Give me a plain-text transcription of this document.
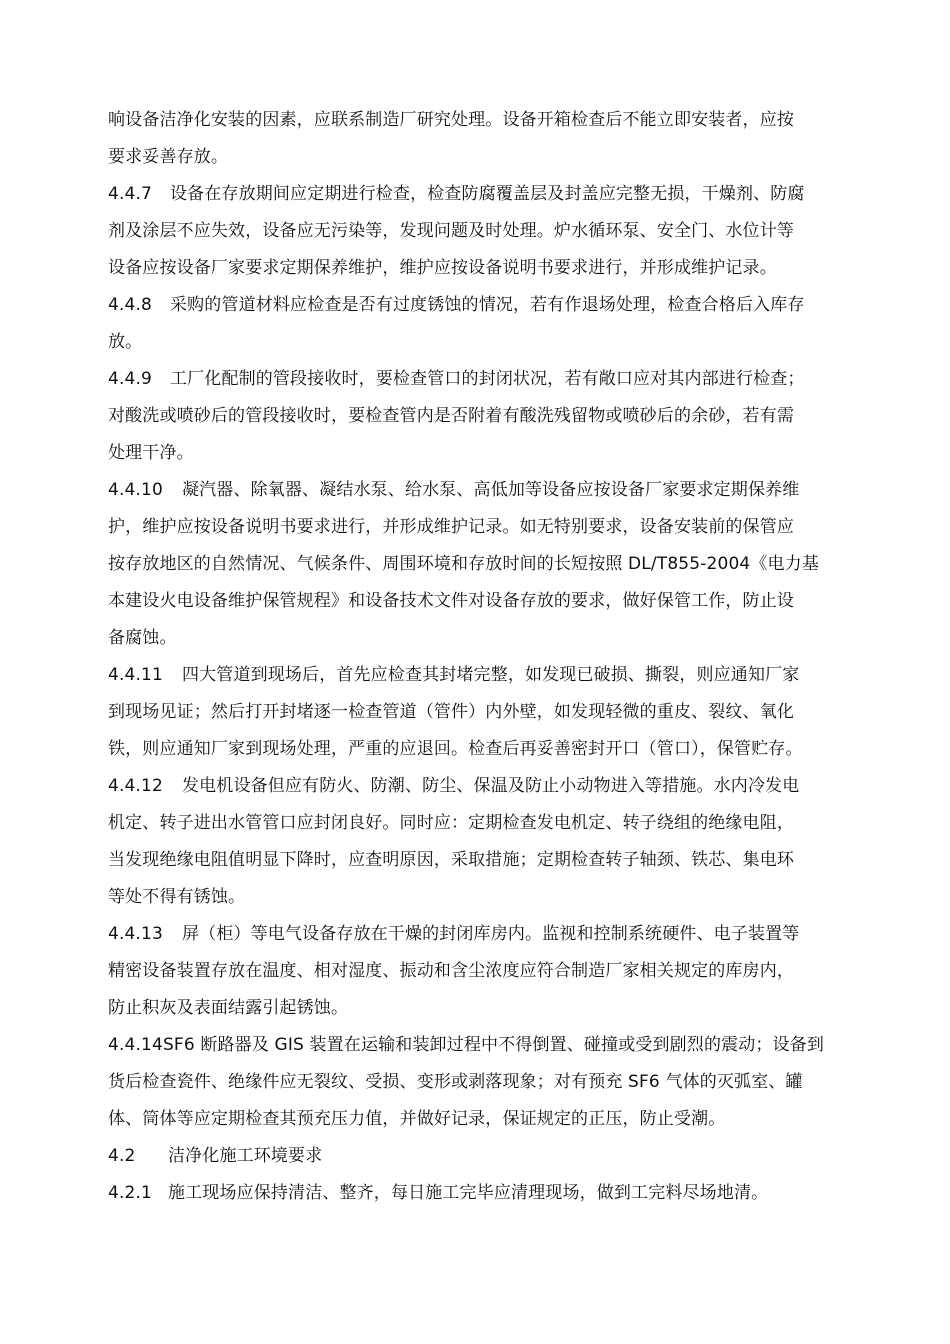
响设备洁净化安装的因素，应联系制造厂研究处理。设备开箱检查后不能立即安装者，应按
要求妥善存放。
4.4.7 设备在存放期间应定期进行检查，检查防腐覆盖层及封盖应完整无损，干燥剂、防腐
剂及涂层不应失效，设备应无污染等，发现问题及时处理。炉水循环泵、安全门、水位计等
设备应按设备厂家要求定期保养维护，维护应按设备说明书要求进行，并形成维护记录。
4.4.8 采购的管道材料应检查是否有过度锈蚀的情况，若有作退场处理，检查合格后入库存
放。
4.4.9 工厂化配制的管段接收时，要检查管口的封闭状况，若有敞口应对其内部进行检查；
对酸洗或喷砂后的管段接收时，要检查管内是否附着有酸洗残留物或喷砂后的余砂，若有需
处理干净。
4.4.10 凝汽器、除氧器、凝结水泵、给水泵、高低加等设备应按设备厂家要求定期保养维
护，维护应按设备说明书要求进行，并形成维护记录。如无特别要求，设备安装前的保管应
按存放地区的自然情况、气候条件、周围环境和存放时间的长短按照 DL/T855-2004《电力基
本建设火电设备维护保管规程》和设备技术文件对设备存放的要求，做好保管工作，防止设
备腐蚀。
4.4.11 四大管道到现场后，首先应检查其封堵完整，如发现已破损、撕裂，则应通知厂家
到现场见证；然后打开封堵逐一检查管道（管件）内外壁，如发现轻微的重皮、裂纹、氧化
铁，则应通知厂家到现场处理，严重的应退回。检查后再妥善密封开口（管口），保管贮存。
4.4.12 发电机设备但应有防火、防潮、防尘、保温及防止小动物进入等措施。水内冷发电
机定、转子进出水管管口应封闭良好。同时应：定期检查发电机定、转子绕组的绝缘电阻，
当发现绝缘电阻值明显下降时，应查明原因，采取措施；定期检查转子轴颈、铁芯、集电环
等处不得有锈蚀。
4.4.13 屏（柜）等电气设备存放在干燥的封闭库房内。监视和控制系统硬件、电子装置等
精密设备装置存放在温度、相对湿度、振动和含尘浓度应符合制造厂家相关规定的库房内，
防止积灰及表面结露引起锈蚀。
4.4.14SF6 断路器及 GIS 装置在运输和装卸过程中不得倒置、碰撞或受到剧烈的震动；设备到
货后检查瓷件、绝缘件应无裂纹、受损、变形或剥落现象；对有预充 SF6 气体的灭弧室、罐
体、筒体等应定期检查其预充压力值，并做好记录，保证规定的正压，防止受潮。
4.2 洁净化施工环境要求
4.2.1 施工现场应保持清洁、整齐，每日施工完毕应清理现场，做到工完料尽场地清。
